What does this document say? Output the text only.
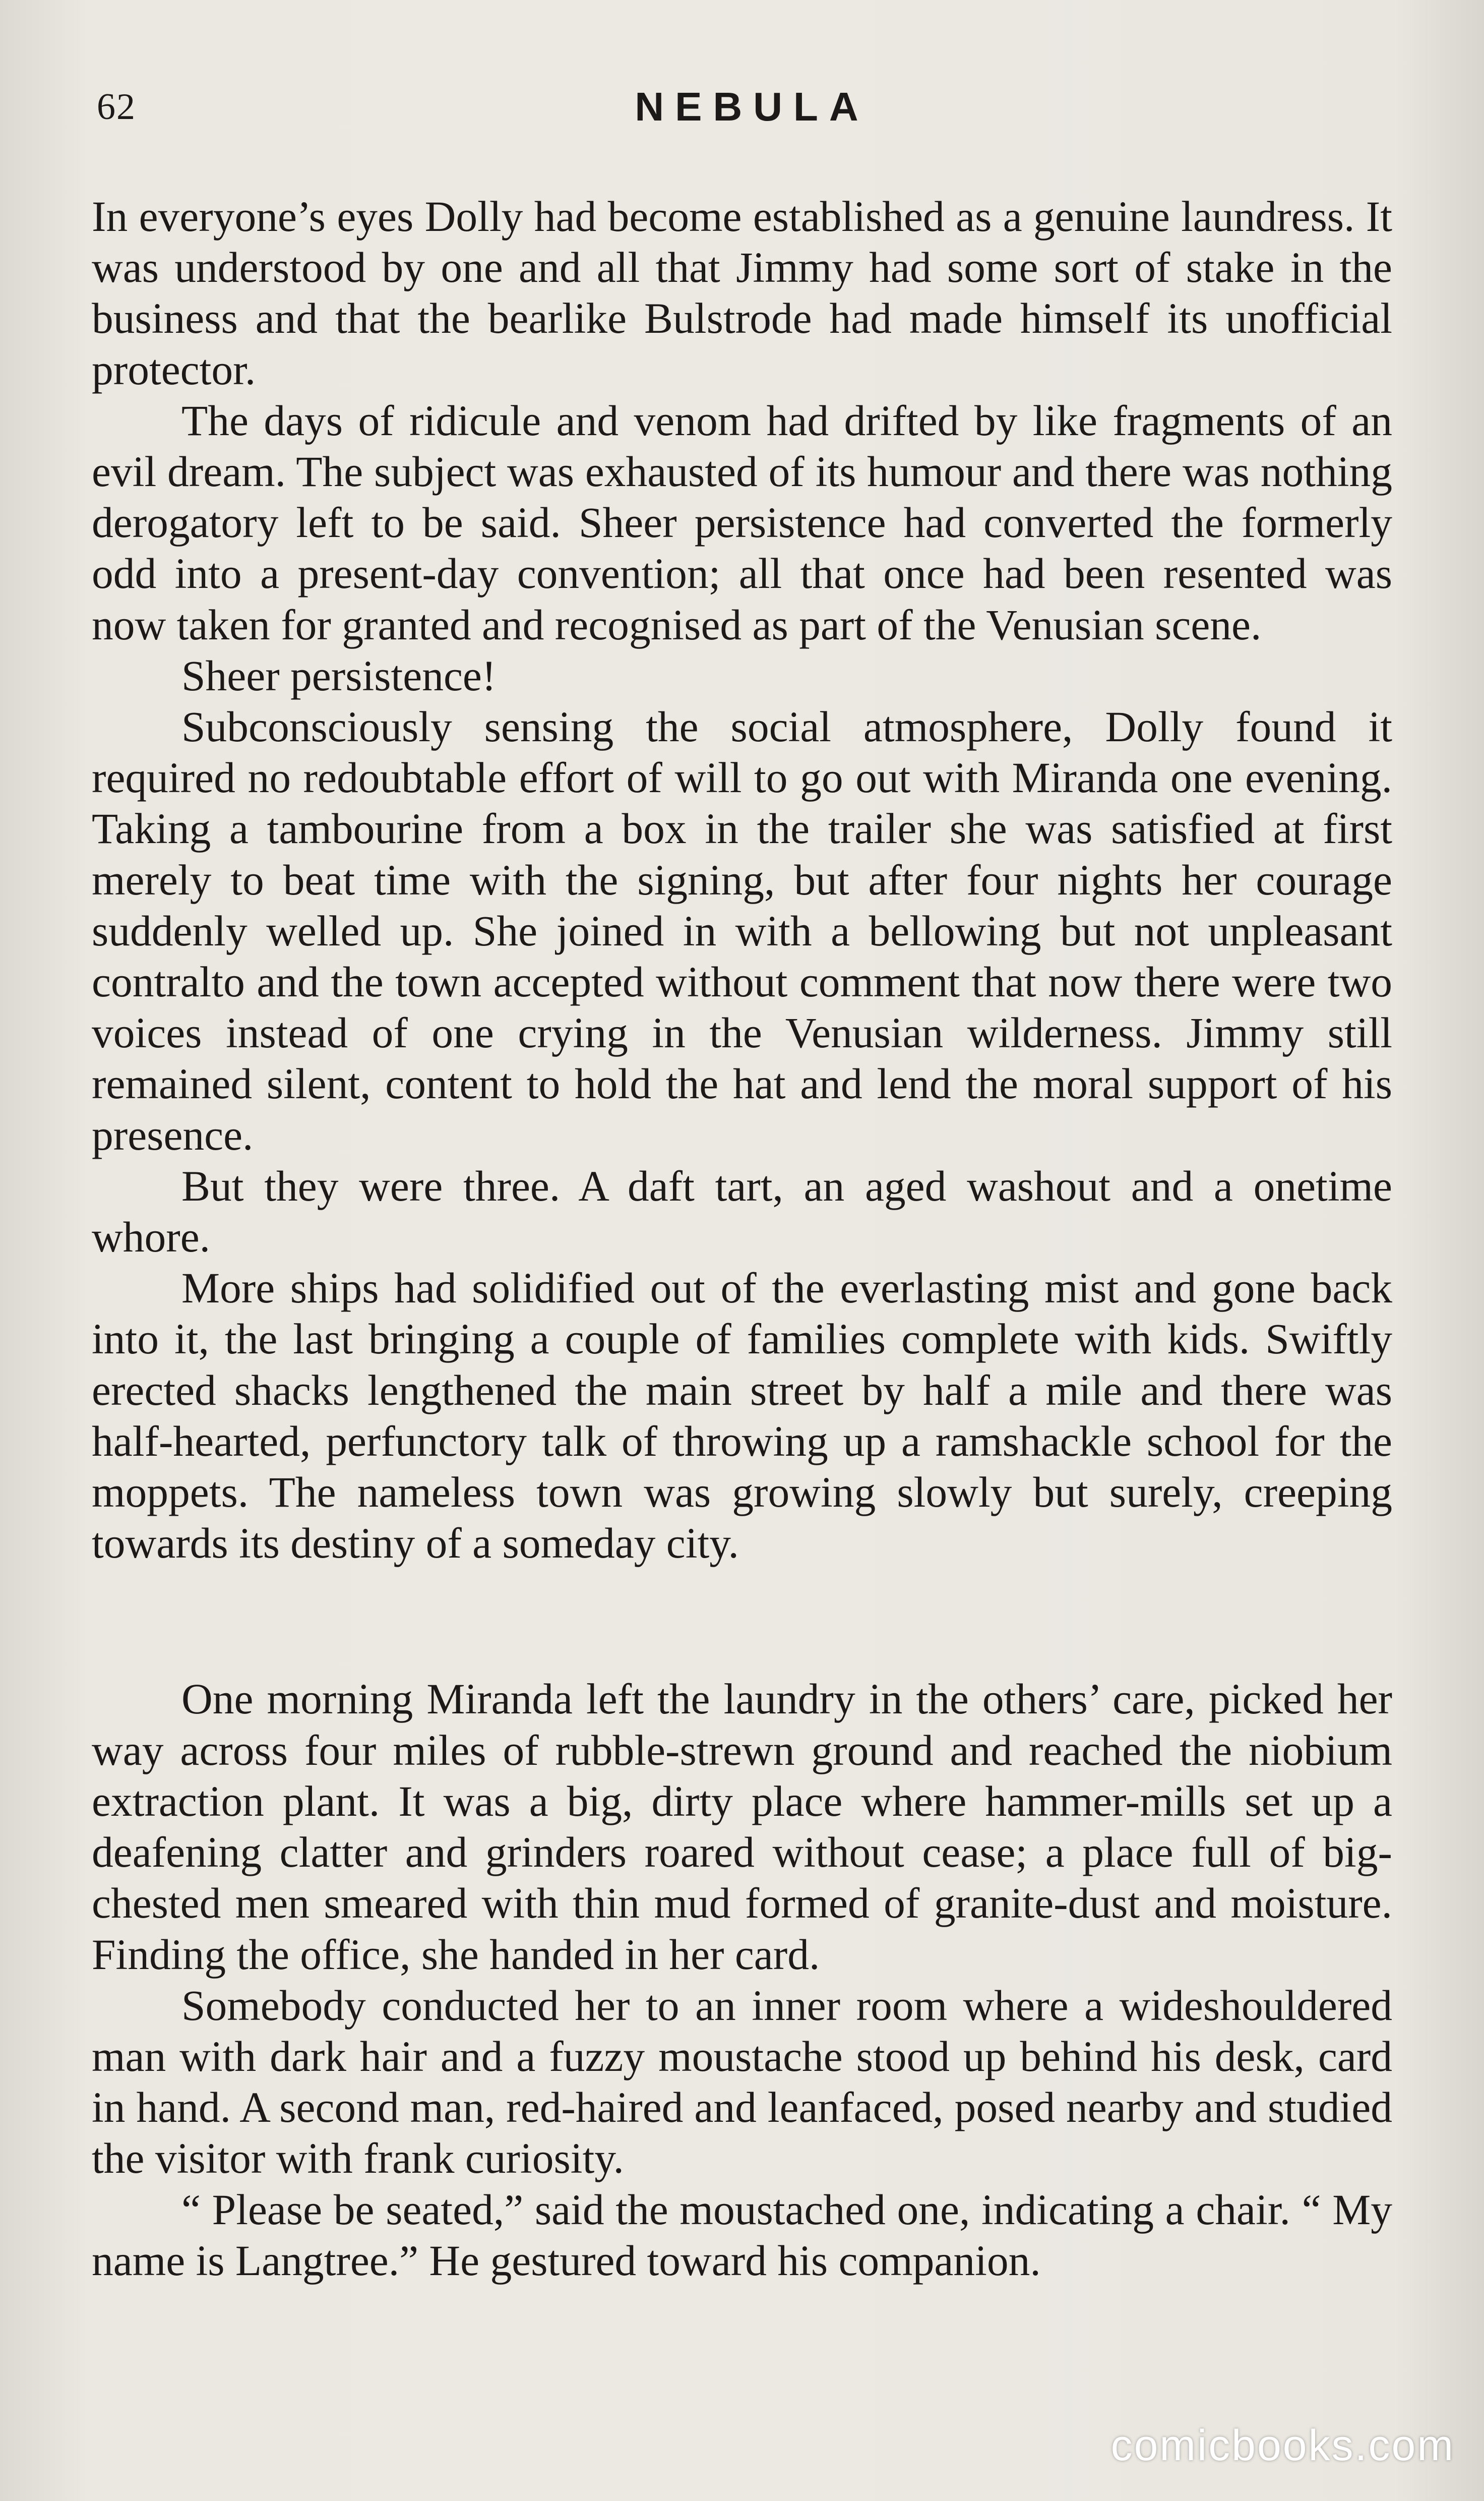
62	NEBULA

In everyone’s eyes Dolly had become established as a genuine laundress. It was understood by one and all that Jimmy had some sort of stake in the business and that the bearlike Bulstrode had made himself its unofficial protector.

The days of ridicule and venom had drifted by like fragments of an evil dream. The subject was exhausted of its humour and there was nothing derogatory left to be said. Sheer persistence had converted the formerly odd into a present-day convention; all that once had been resented was now taken for granted and recognised as part of the Venusian scene.

Sheer persistence!

Subconsciously sensing the social atmosphere, Dolly found it required no redoubtable effort of will to go out with Miranda one evening. Taking a tambourine from a box in the trailer she was satisfied at first merely to beat time with the signing, but after four nights her courage suddenly welled up. She joined in with a bellowing but not unpleasant contralto and the town accepted without comment that now there were two voices instead of one crying in the Venusian wilderness. Jimmy still remained silent, content to hold the hat and lend the moral support of his presence.

But they were three. A daft tart, an aged washout and a onetime whore.

More ships had solidified out of the everlasting mist and gone back into it, the last bringing a couple of families complete with kids. Swiftly erected shacks lengthened the main street by half a mile and there was half-hearted, perfunctory talk of throwing up a ramshackle school for the moppets. The nameless town was growing slowly but surely, creeping towards its destiny of a someday city.

One morning Miranda left the laundry in the others’ care, picked her way across four miles of rubble-strewn ground and reached the niobium extraction plant. It was a big, dirty place where hammer-mills set up a deafening clatter and grinders roared without cease; a place full of big-chested men smeared with thin mud formed of granite-dust and moisture. Finding the office, she handed in her card.

Somebody conducted her to an inner room where a wideshouldered man with dark hair and a fuzzy moustache stood up behind his desk, card in hand. A second man, red-haired and leanfaced, posed nearby and studied the visitor with frank curiosity.

“ Please be seated,” said the moustached one, indicating a chair. “ My name is Langtree.” He gestured toward his companion.

comicbooks.com
